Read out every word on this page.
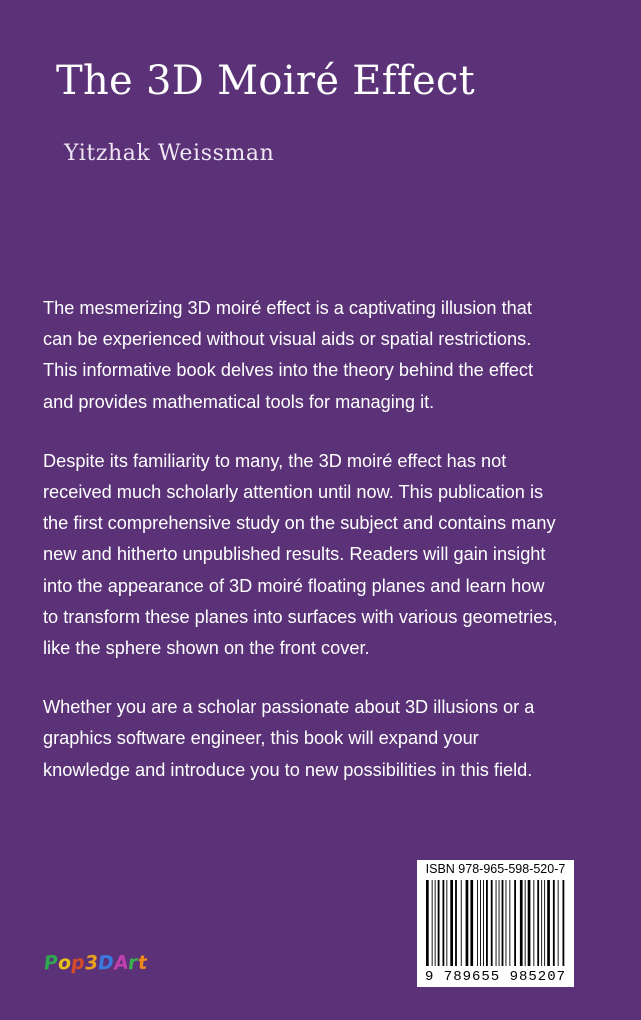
The 3D Moiré Effect
Yitzhak Weissman

The mesmerizing 3D moiré effect is a captivating illusion that can be experienced without visual aids or spatial restrictions. This informative book delves into the theory behind the effect and provides mathematical tools for managing it.

Despite its familiarity to many, the 3D moiré effect has not received much scholarly attention until now. This publication is the first comprehensive study on the subject and contains many new and hitherto unpublished results. Readers will gain insight into the appearance of 3D moiré floating planes and learn how to transform these planes into surfaces with various geometries, like the sphere shown on the front cover.

Whether you are a scholar passionate about 3D illusions or a graphics software engineer, this book will expand your knowledge and introduce you to new possibilities in this field.

ISBN 978-965-598-520-7
9 789655 985207
Pop3DArt
